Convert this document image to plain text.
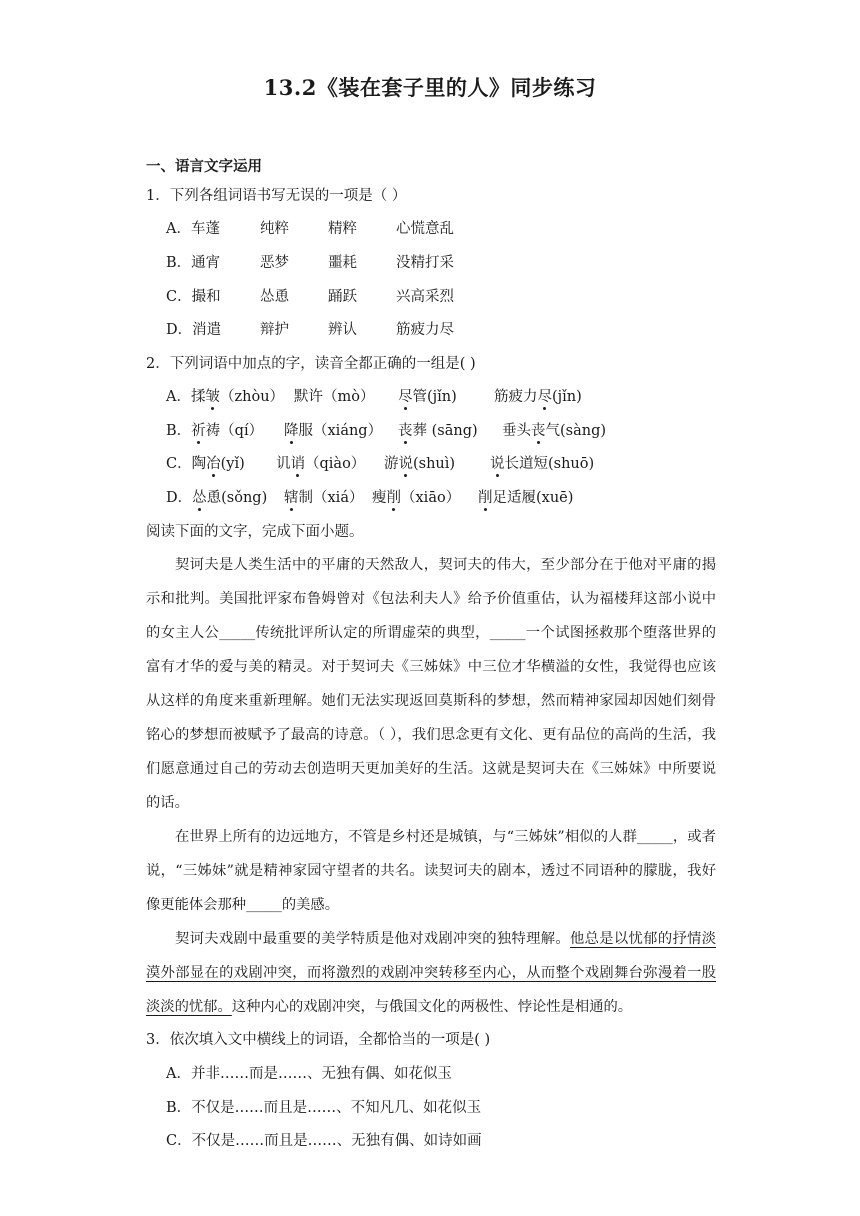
13.2《装在套子里的人》同步练习
一、语言文字运用
1．下列各组词语书写无误的一项是（ ）
A．车蓬	纯粹	精粹	心慌意乱
B．通宵	恶梦	噩耗	没精打采
C．撮和	怂恿	踊跃	兴高采烈
D．消遣	辩护	辨认	筋疲力尽
2．下列词语中加点的字，读音全都正确的一组是( )
A．揉皱（zhòu） 默许（mò） 尽管(jǐn)	筋疲力尽(jǐn)
B．祈祷（qí） 降服（xiáng） 丧葬 (sāng) 垂头丧气(sàng)
C．陶冶(yǐ) 讥诮（qiào） 游说(shuì) 说长道短(shuō)
D．怂恿(sǒng) 辖制（xiá） 瘦削（xiāo） 削足适履(xuē)
阅读下面的文字，完成下面小题。
契诃夫是人类生活中的平庸的天然敌人，契诃夫的伟大，至少部分在于他对平庸的揭示和批判。美国批评家布鲁姆曾对《包法利夫人》给予价值重估，认为福楼拜这部小说中的女主人公_____传统批评所认定的所谓虚荣的典型，_____一个试图拯救那个堕落世界的富有才华的爱与美的精灵。对于契诃夫《三姊妹》中三位才华横溢的女性，我觉得也应该从这样的角度来重新理解。她们无法实现返回莫斯科的梦想，然而精神家园却因她们刻骨铭心的梦想而被赋予了最高的诗意。（ ），我们思念更有文化、更有品位的高尚的生活，我们愿意通过自己的劳动去创造明天更加美好的生活。这就是契诃夫在《三姊妹》中所要说的话。
在世界上所有的边远地方，不管是乡村还是城镇，与“三姊妹”相似的人群_____，或者说，“三姊妹”就是精神家园守望者的共名。读契诃夫的剧本，透过不同语种的朦胧，我好像更能体会那种_____的美感。
契诃夫戏剧中最重要的美学特质是他对戏剧冲突的独特理解。他总是以忧郁的抒情淡漠外部显在的戏剧冲突，而将激烈的戏剧冲突转移至内心，从而整个戏剧舞台弥漫着一股淡淡的忧郁。这种内心的戏剧冲突，与俄国文化的两极性、悖论性是相通的。
3．依次填入文中横线上的词语，全都恰当的一项是( )
A．并非……而是……、无独有偶、如花似玉
B．不仅是……而且是……、不知凡几、如花似玉
C．不仅是……而且是……、无独有偶、如诗如画
